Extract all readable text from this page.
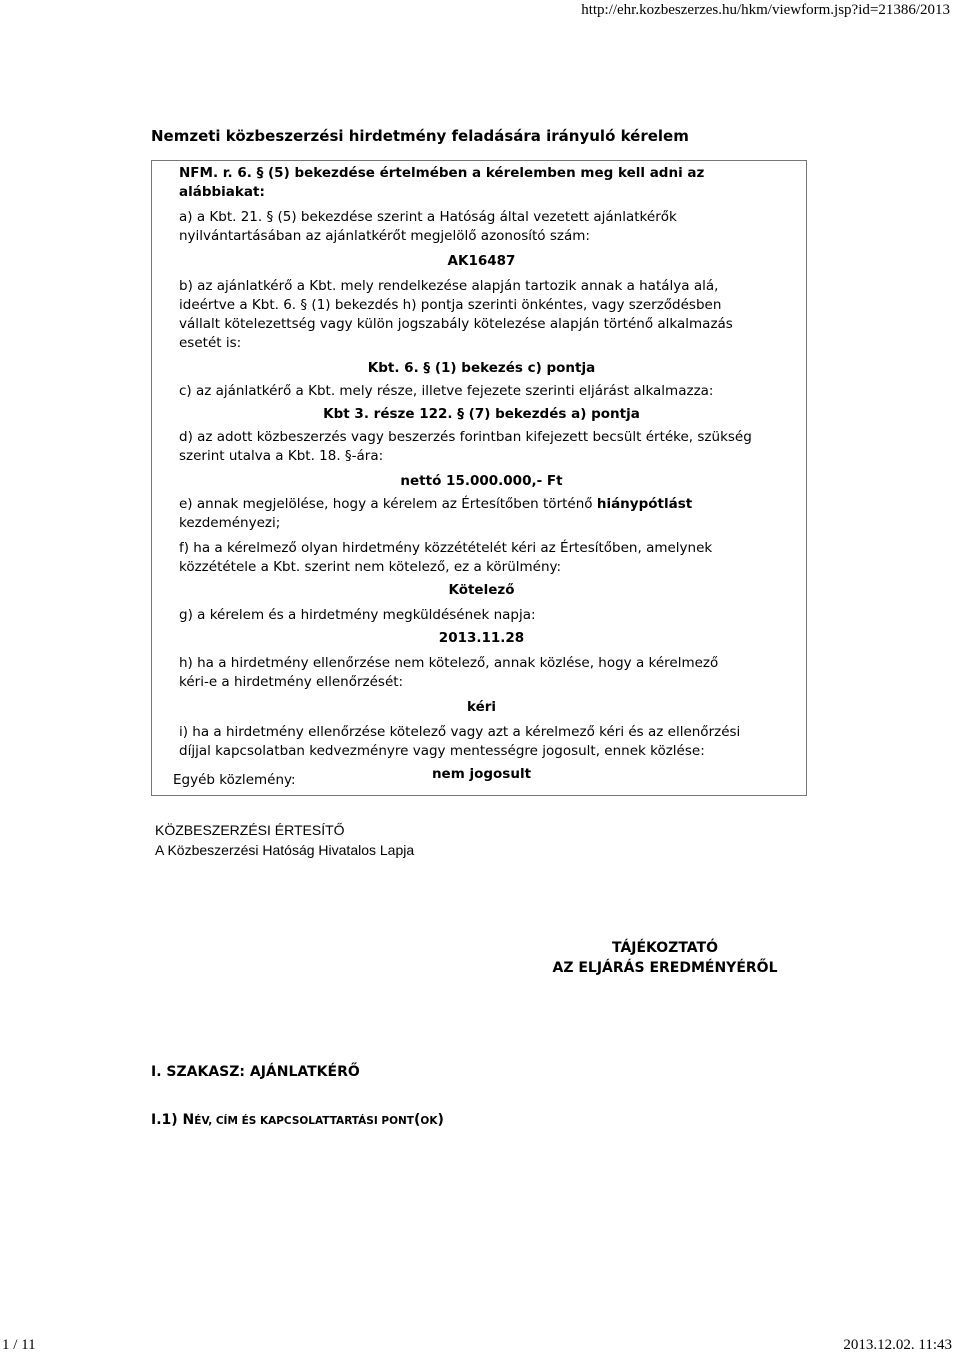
http://ehr.kozbeszerzes.hu/hkm/viewform.jsp?id=21386/2013
Nemzeti közbeszerzési hirdetmény feladására irányuló kérelem

NFM. r. 6. § (5) bekezdése értelmében a kérelemben meg kell adni az

alábbiakat:

a) a Kbt. 21. § (5) bekezdése szerint a Hatóság által vezetett ajánlatkérők

nyilvántartásában az ajánlatkérőt megjelölő azonosító szám:

AK16487

b) az ajánlatkérő a Kbt. mely rendelkezése alapján tartozik annak a hatálya alá,

ideértve a Kbt. 6. § (1) bekezdés h) pontja szerinti önkéntes, vagy szerződésben

vállalt kötelezettség vagy külön jogszabály kötelezése alapján történő alkalmazás

esetét is:

Kbt. 6. § (1) bekezés c) pontja

c) az ajánlatkérő a Kbt. mely része, illetve fejezete szerinti eljárást alkalmazza:

Kbt 3. része 122. § (7) bekezdés a) pontja

d) az adott közbeszerzés vagy beszerzés forintban kifejezett becsült értéke, szükség

szerint utalva a Kbt. 18. §-ára:

nettó 15.000.000,- Ft

e) annak megjelölése, hogy a kérelem az Értesítőben történő hiánypótlást

kezdeményezi;

f) ha a kérelmező olyan hirdetmény közzétételét kéri az Értesítőben, amelynek

közzététele a Kbt. szerint nem kötelező, ez a körülmény:

Kötelező

g) a kérelem és a hirdetmény megküldésének napja:

2013.11.28

h) ha a hirdetmény ellenőrzése nem kötelező, annak közlése, hogy a kérelmező

kéri-e a hirdetmény ellenőrzését:

kéri

i) ha a hirdetmény ellenőrzése kötelező vagy azt a kérelmező kéri és az ellenőrzési

díjjal kapcsolatban kedvezményre vagy mentességre jogosult, ennek közlése:

nem jogosult

Egyéb közlemény:
KÖZBESZERZÉSI ÉRTESÍTŐ
A Közbeszerzési Hatóság Hivatalos Lapja
TÁJÉKOZTATÓ
AZ ELJÁRÁS EREDMÉNYÉRŐL
I. SZAKASZ: AJÁNLATKÉRŐ
I.1) NÉV, CÍM ÉS KAPCSOLATTARTÁSI PONT(OK)
1 / 11	2013.12.02. 11:43
